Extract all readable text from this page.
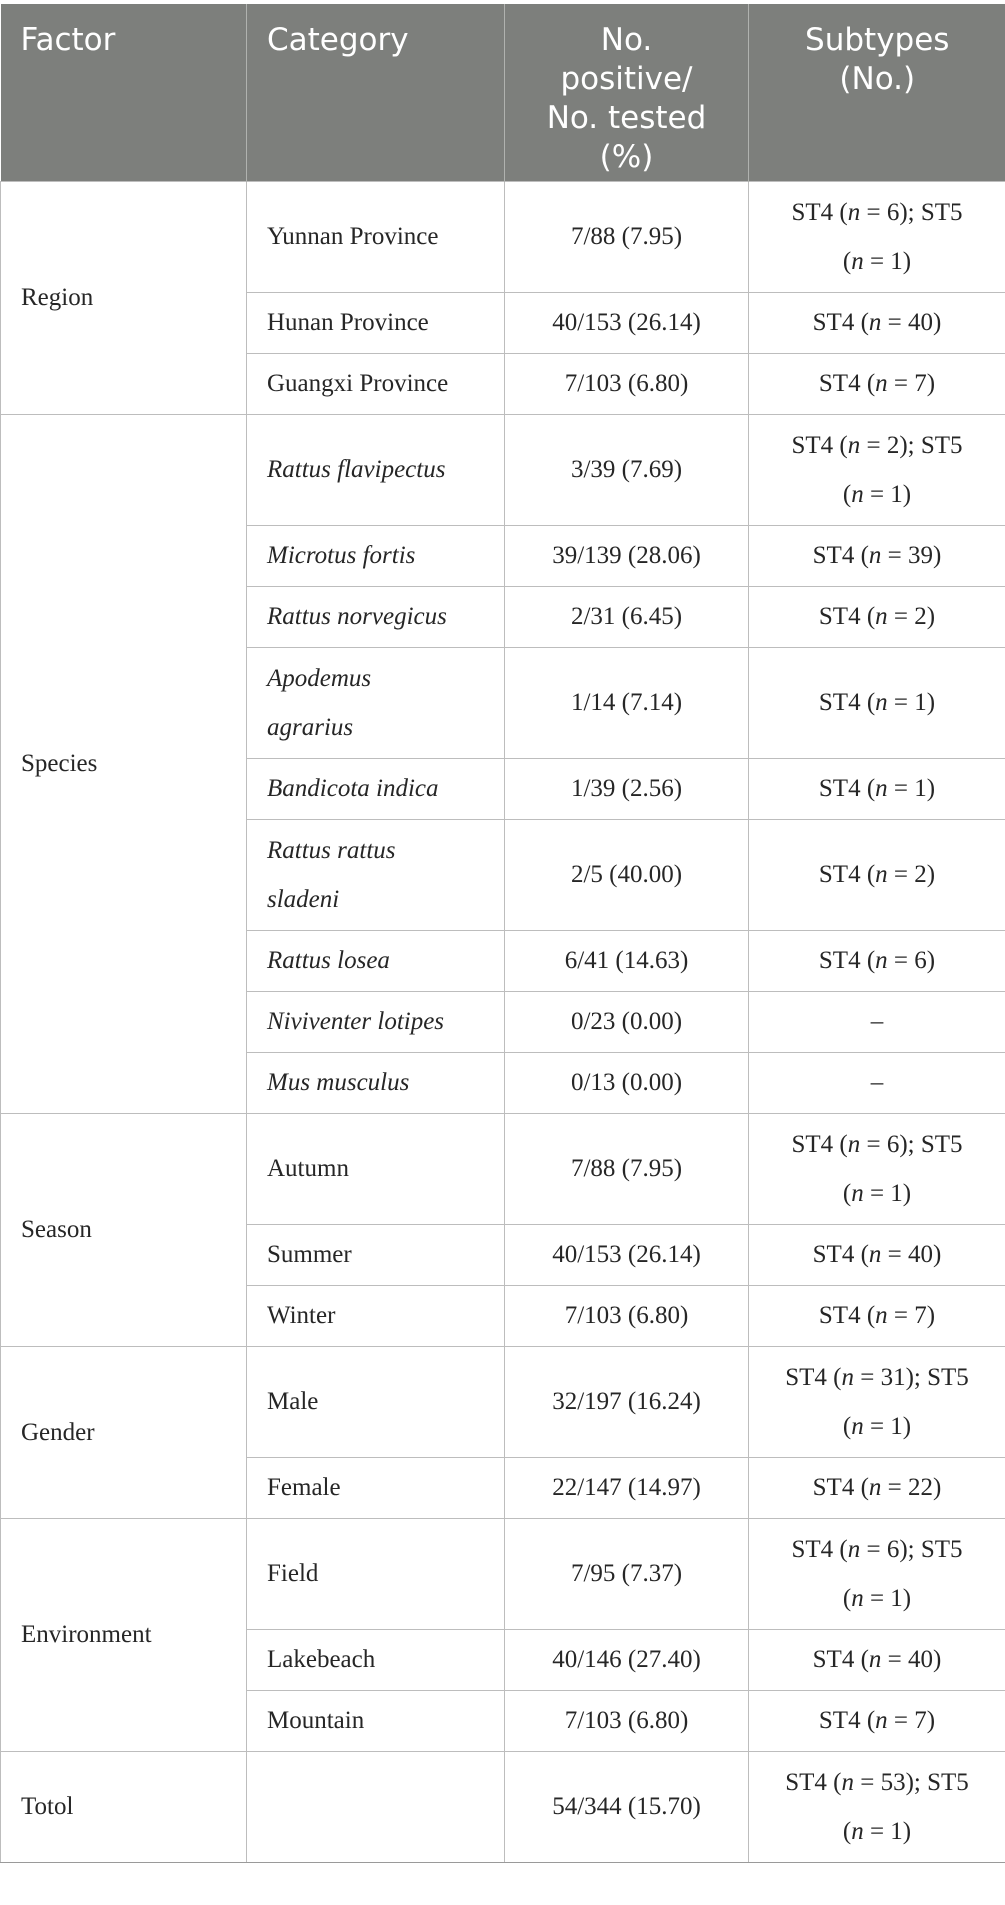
Factor	Category	No.
positive/
No. tested
(%)	Subtypes
(No.)
Region	Yunnan Province	7/88 (7.95)	ST4 (n = 6); ST5
(n = 1)
	Hunan Province	40/153 (26.14)	ST4 (n = 40)
	Guangxi Province	7/103 (6.80)	ST4 (n = 7)
Species	Rattus flavipectus	3/39 (7.69)	ST4 (n = 2); ST5
(n = 1)
	Microtus fortis	39/139 (28.06)	ST4 (n = 39)
	Rattus norvegicus	2/31 (6.45)	ST4 (n = 2)
	Apodemus
agrarius	1/14 (7.14)	ST4 (n = 1)
	Bandicota indica	1/39 (2.56)	ST4 (n = 1)
	Rattus rattus
sladeni	2/5 (40.00)	ST4 (n = 2)
	Rattus losea	6/41 (14.63)	ST4 (n = 6)
	Niviventer lotipes	0/23 (0.00)	–
	Mus musculus	0/13 (0.00)	–
Season	Autumn	7/88 (7.95)	ST4 (n = 6); ST5
(n = 1)
	Summer	40/153 (26.14)	ST4 (n = 40)
	Winter	7/103 (6.80)	ST4 (n = 7)
Gender	Male	32/197 (16.24)	ST4 (n = 31); ST5
(n = 1)
	Female	22/147 (14.97)	ST4 (n = 22)
Environment	Field	7/95 (7.37)	ST4 (n = 6); ST5
(n = 1)
	Lakebeach	40/146 (27.40)	ST4 (n = 40)
	Mountain	7/103 (6.80)	ST4 (n = 7)
Totol		54/344 (15.70)	ST4 (n = 53); ST5
(n = 1)
